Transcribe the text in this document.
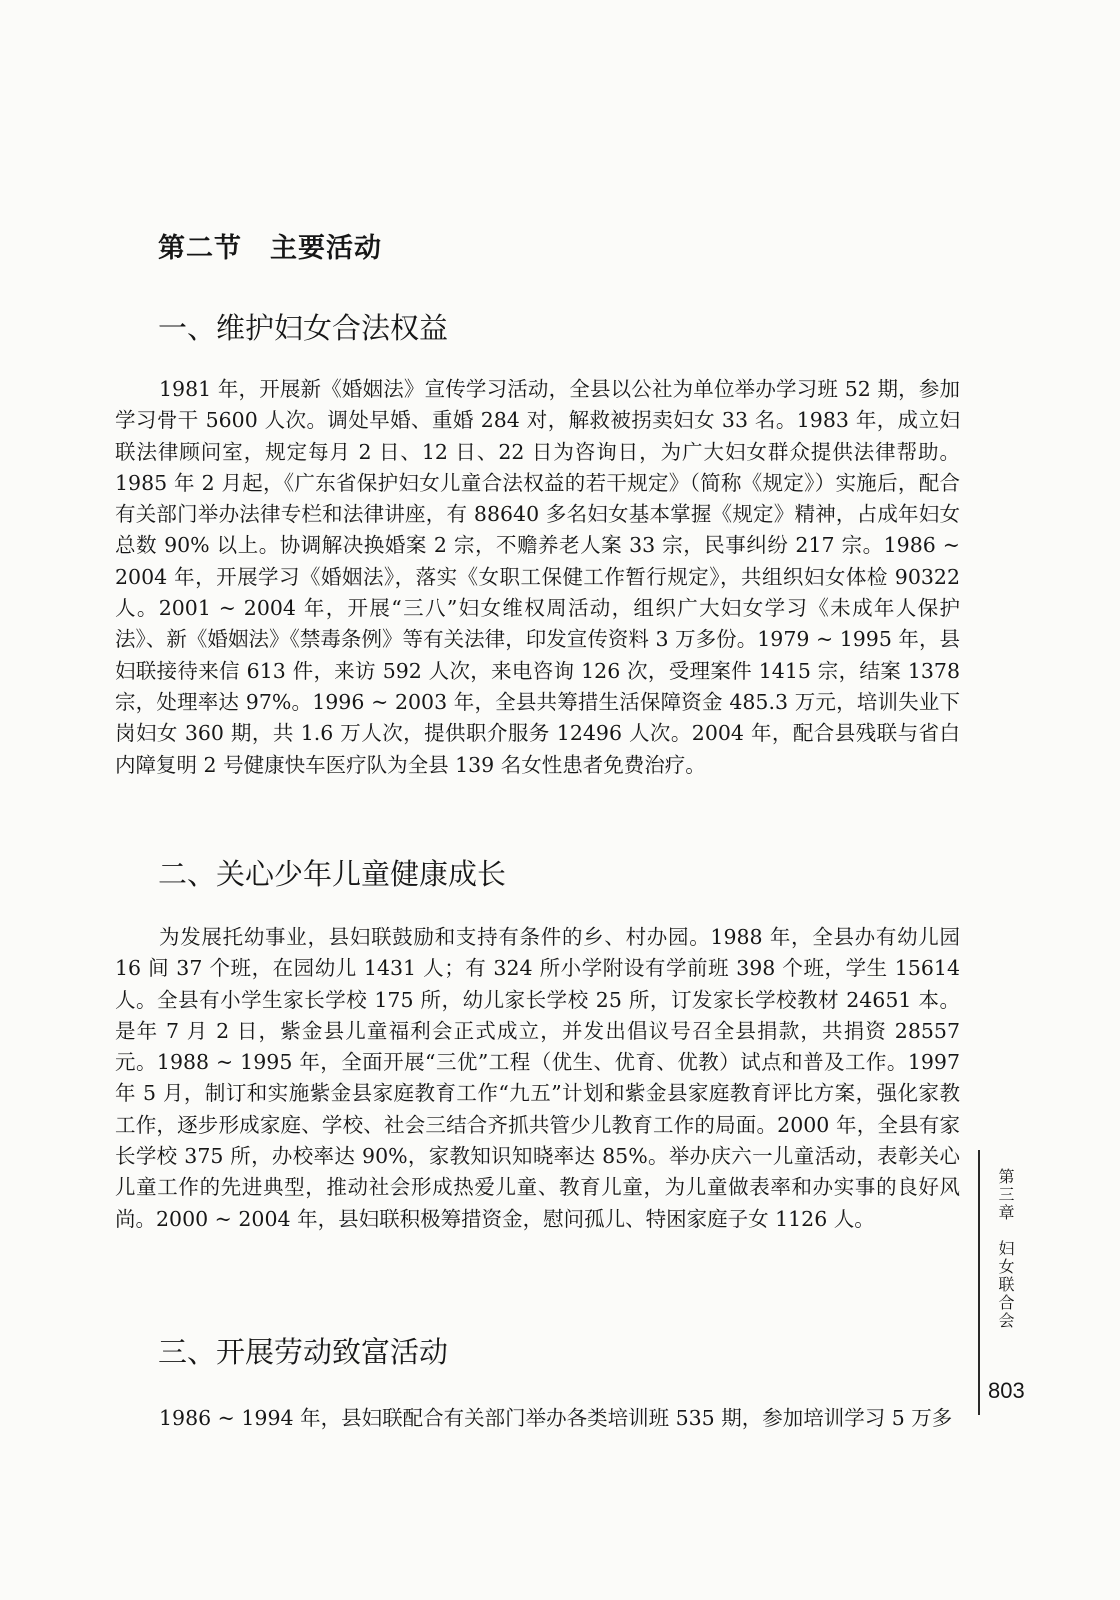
第二节　主要活动
一、维护妇女合法权益

1981 年，开展新《婚姻法》宣传学习活动，全县以公社为单位举办学习班 52 期，参加学习骨干 5600 人次。调处早婚、重婚 284 对，解救被拐卖妇女 33 名。1983 年，成立妇联法律顾问室，规定每月 2 日、12 日、22 日为咨询日，为广大妇女群众提供法律帮助。1985 年 2 月起，《广东省保护妇女儿童合法权益的若干规定》（简称《规定》）实施后，配合有关部门举办法律专栏和法律讲座，有 88640 多名妇女基本掌握《规定》精神，占成年妇女总数 90% 以上。协调解决换婚案 2 宗，不赡养老人案 33 宗，民事纠纷 217 宗。1986 ~ 2004 年，开展学习《婚姻法》，落实《女职工保健工作暂行规定》，共组织妇女体检 90322 人。2001 ~ 2004 年，开展“三八”妇女维权周活动，组织广大妇女学习《未成年人保护法》、新《婚姻法》《禁毒条例》等有关法律，印发宣传资料 3 万多份。1979 ~ 1995 年，县妇联接待来信 613 件，来访 592 人次，来电咨询 126 次，受理案件 1415 宗，结案 1378 宗，处理率达 97%。1996 ~ 2003 年，全县共筹措生活保障资金 485.3 万元，培训失业下岗妇女 360 期，共 1.6 万人次，提供职介服务 12496 人次。2004 年，配合县残联与省白内障复明 2 号健康快车医疗队为全县 139 名女性患者免费治疗。

二、关心少年儿童健康成长

为发展托幼事业，县妇联鼓励和支持有条件的乡、村办园。1988 年，全县办有幼儿园 16 间 37 个班，在园幼儿 1431 人；有 324 所小学附设有学前班 398 个班，学生 15614 人。全县有小学生家长学校 175 所，幼儿家长学校 25 所，订发家长学校教材 24651 本。是年 7 月 2 日，紫金县儿童福利会正式成立，并发出倡议号召全县捐款，共捐资 28557 元。1988 ~ 1995 年，全面开展“三优”工程（优生、优育、优教）试点和普及工作。1997 年 5 月，制订和实施紫金县家庭教育工作“九五”计划和紫金县家庭教育评比方案，强化家教工作，逐步形成家庭、学校、社会三结合齐抓共管少儿教育工作的局面。2000 年，全县有家长学校 375 所，办校率达 90%，家教知识知晓率达 85%。举办庆六一儿童活动，表彰关心儿童工作的先进典型，推动社会形成热爱儿童、教育儿童，为儿童做表率和办实事的良好风尚。2000 ~ 2004 年，县妇联积极筹措资金，慰问孤儿、特困家庭子女 1126 人。

三、开展劳动致富活动

1986 ~ 1994 年，县妇联配合有关部门举办各类培训班 535 期，参加培训学习 5 万多

第三章　妇女联合会

803
